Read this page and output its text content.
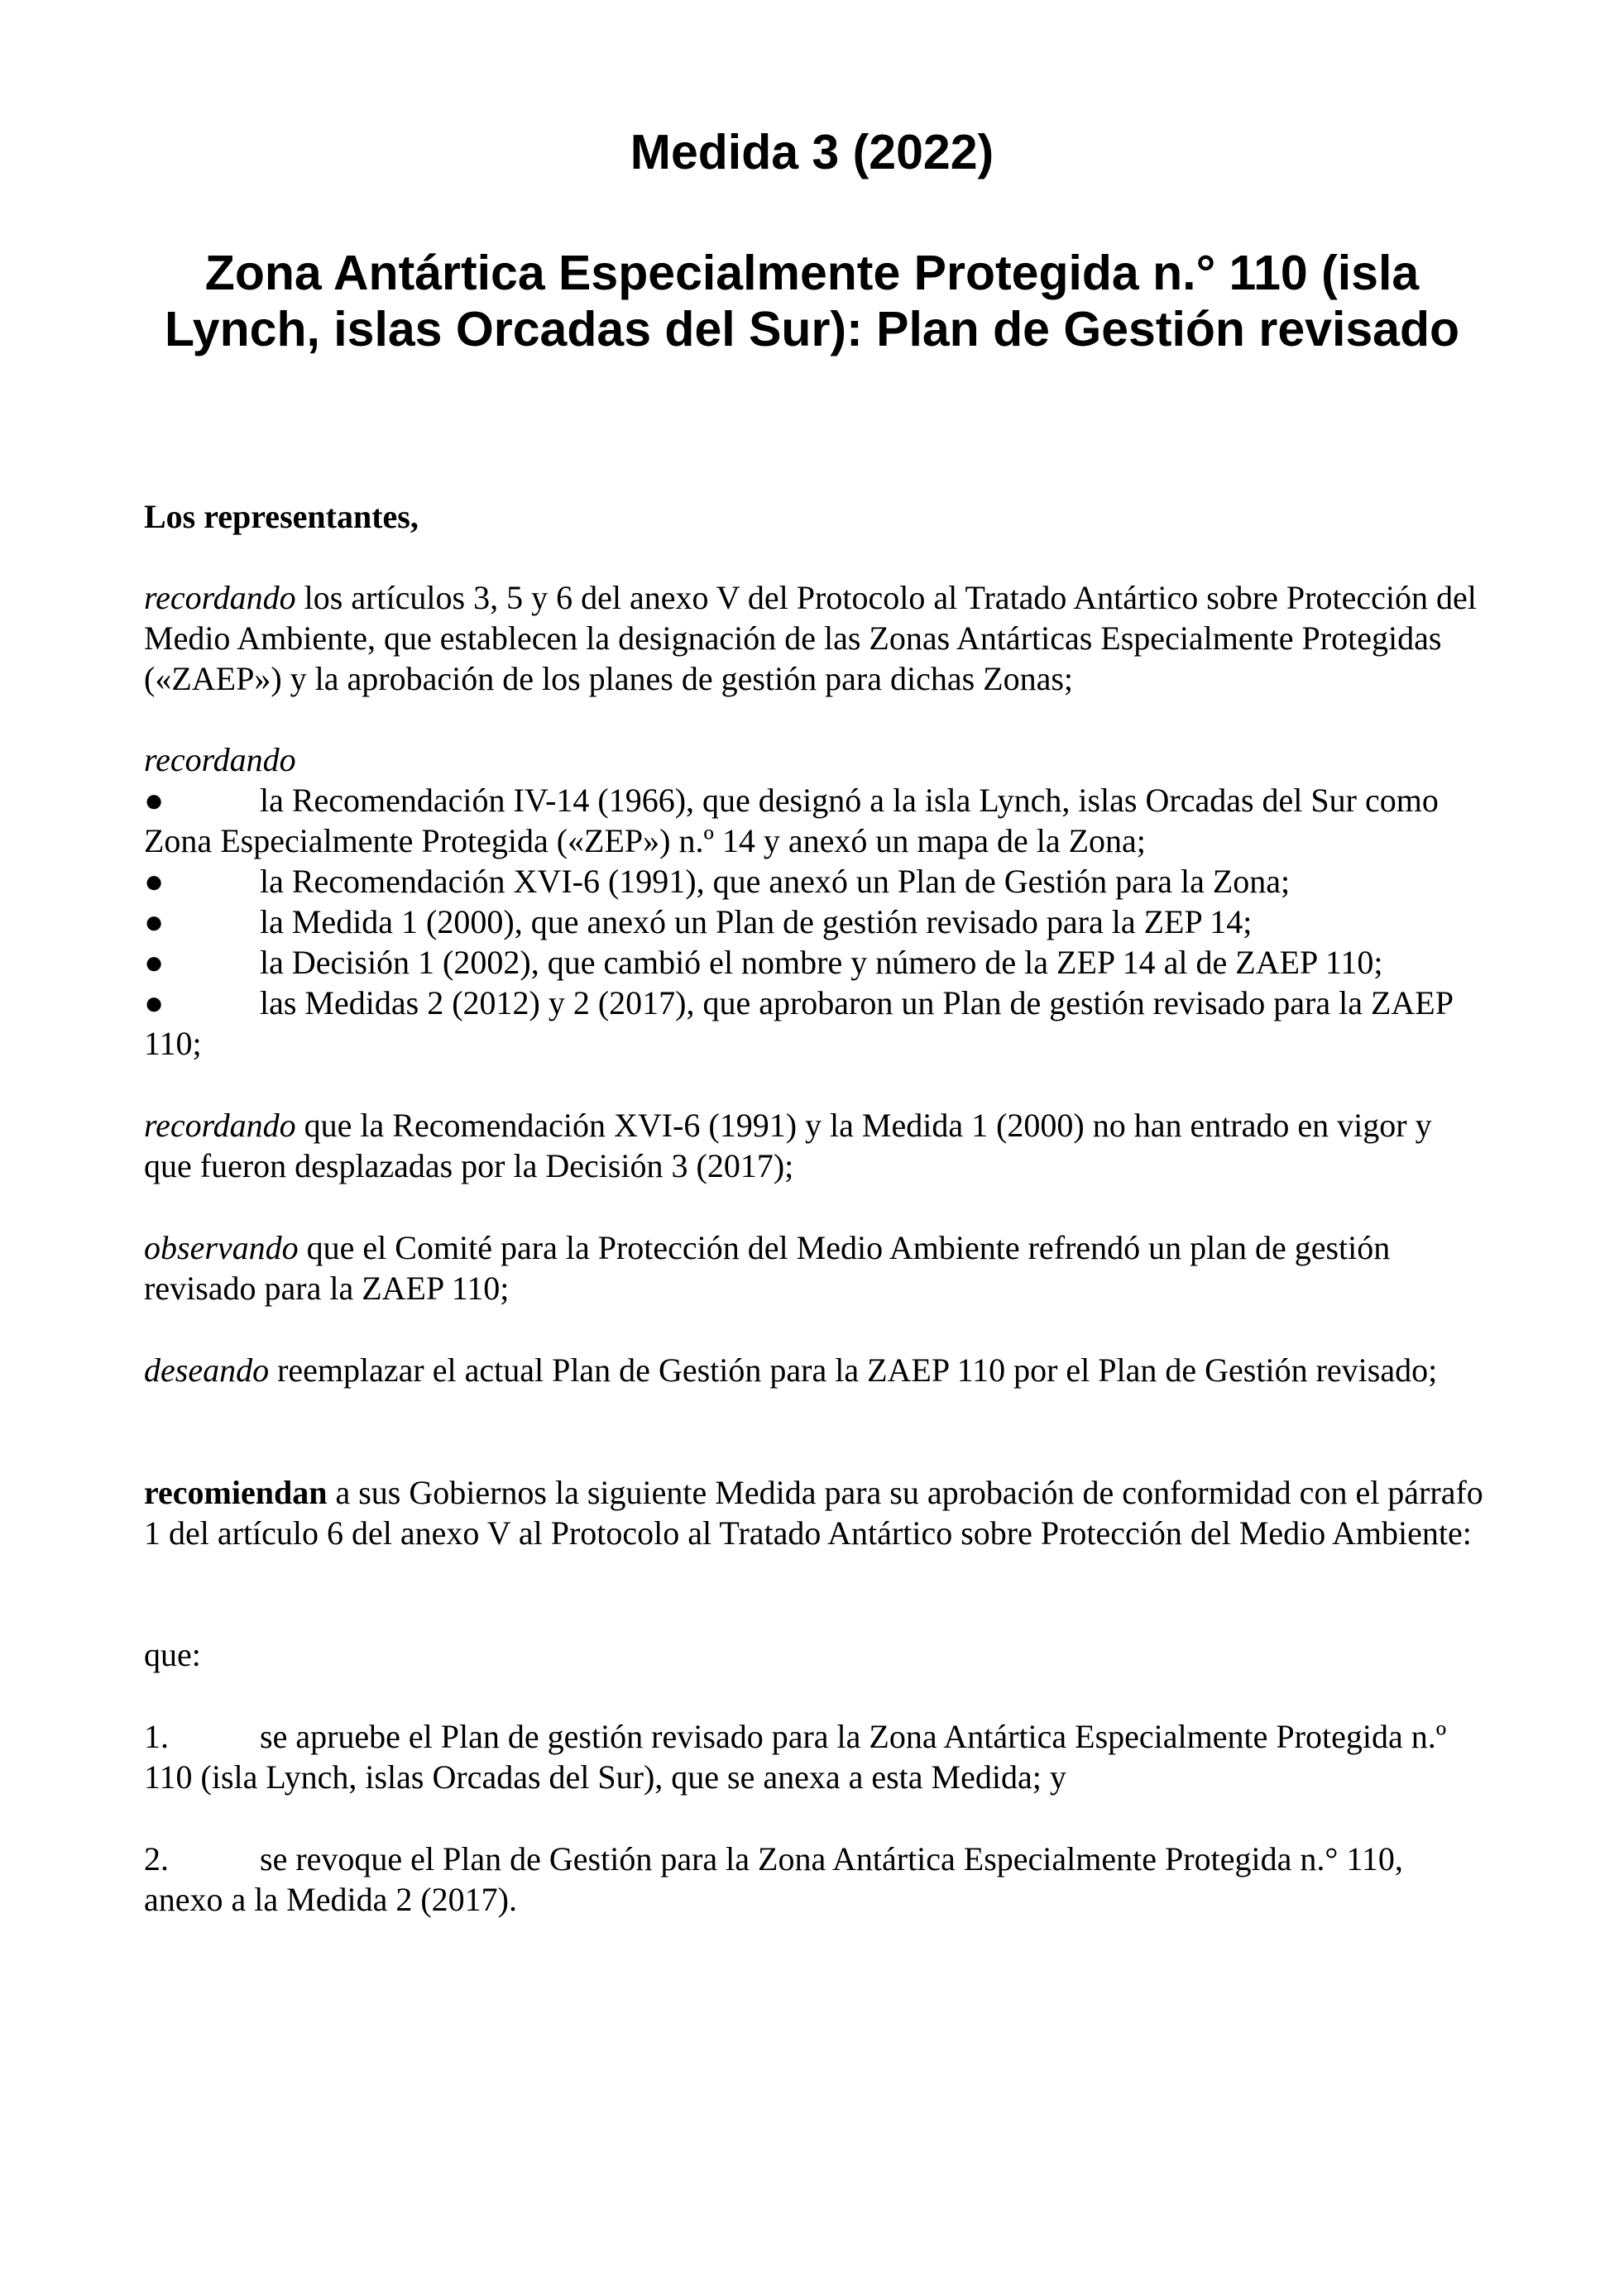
Medida 3 (2022)
Zona Antártica Especialmente Protegida n.° 110 (isla
Lynch, islas Orcadas del Sur): Plan de Gestión revisado

Los representantes,

recordando los artículos 3, 5 y 6 del anexo V del Protocolo al Tratado Antártico sobre Protección del Medio Ambiente, que establecen la designación de las Zonas Antárticas Especialmente Protegidas («ZAEP») y la aprobación de los planes de gestión para dichas Zonas;

recordando
●	la Recomendación IV-14 (1966), que designó a la isla Lynch, islas Orcadas del Sur como Zona Especialmente Protegida («ZEP») n.º 14 y anexó un mapa de la Zona;
●	la Recomendación XVI-6 (1991), que anexó un Plan de Gestión para la Zona;
●	la Medida 1 (2000), que anexó un Plan de gestión revisado para la ZEP 14;
●	la Decisión 1 (2002), que cambió el nombre y número de la ZEP 14 al de ZAEP 110;
●	las Medidas 2 (2012) y 2 (2017), que aprobaron un Plan de gestión revisado para la ZAEP 110;

recordando que la Recomendación XVI-6 (1991) y la Medida 1 (2000) no han entrado en vigor y que fueron desplazadas por la Decisión 3 (2017);

observando que el Comité para la Protección del Medio Ambiente refrendó un plan de gestión revisado para la ZAEP 110;

deseando reemplazar el actual Plan de Gestión para la ZAEP 110 por el Plan de Gestión revisado;

recomiendan a sus Gobiernos la siguiente Medida para su aprobación de conformidad con el párrafo 1 del artículo 6 del anexo V al Protocolo al Tratado Antártico sobre Protección del Medio Ambiente:

que:

1.	se apruebe el Plan de gestión revisado para la Zona Antártica Especialmente Protegida n.º 110 (isla Lynch, islas Orcadas del Sur), que se anexa a esta Medida; y

2.	se revoque el Plan de Gestión para la Zona Antártica Especialmente Protegida n.° 110, anexo a la Medida 2 (2017).
